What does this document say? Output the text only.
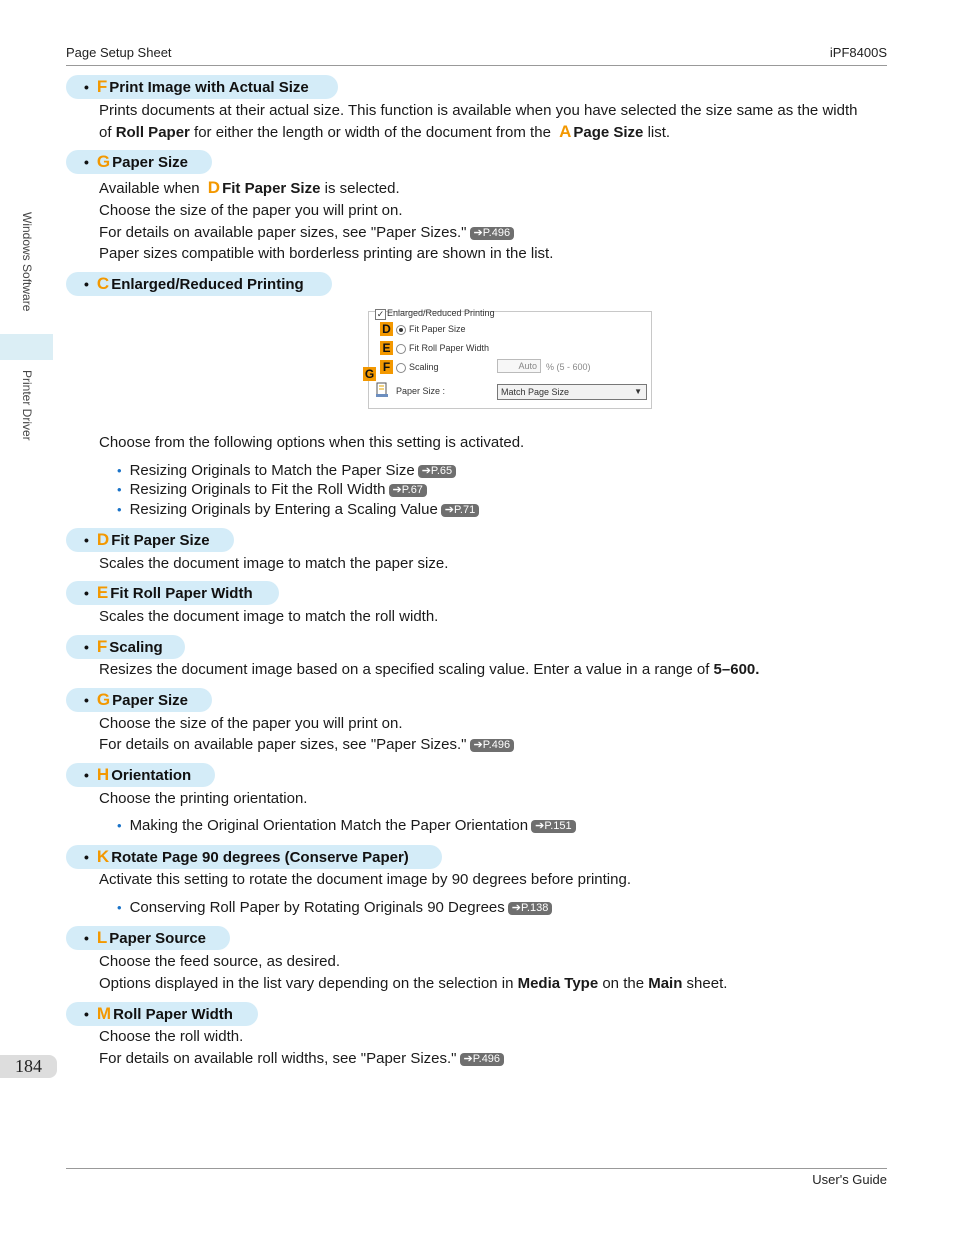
Page Setup Sheet	iPF8400S
Windows Software
Printer Driver
• F Print Image with Actual Size
Prints documents at their actual size. This function is available when you have selected the size same as the width
of Roll Paper for either the length or width of the document from the A Page Size list.
• G Paper Size
Available when D Fit Paper Size is selected.
Choose the size of the paper you will print on.
For details on available paper sizes, see "Paper Sizes." ➔P.496
Paper sizes compatible with borderless printing are shown in the list.
• C Enlarged/Reduced Printing
✓ Enlarged/Reduced Printing
D Fit Paper Size
E Fit Roll Paper Width
F	Scaling	Auto	% (5 - 600)
G
Paper Size :	Match Page Size	▼
Choose from the following options when this setting is activated.
• Resizing Originals to Match the Paper Size ➔P.65
• Resizing Originals to Fit the Roll Width ➔P.67
• Resizing Originals by Entering a Scaling Value ➔P.71
• D Fit Paper Size
Scales the document image to match the paper size.
• E Fit Roll Paper Width
Scales the document image to match the roll width.
• F Scaling
Resizes the document image based on a specified scaling value. Enter a value in a range of 5–600.
• G Paper Size
Choose the size of the paper you will print on.
For details on available paper sizes, see "Paper Sizes." ➔P.496
• H Orientation
Choose the printing orientation.
• Making the Original Orientation Match the Paper Orientation ➔P.151
• K Rotate Page 90 degrees (Conserve Paper)
Activate this setting to rotate the document image by 90 degrees before printing.
• Conserving Roll Paper by Rotating Originals 90 Degrees ➔P.138
• L Paper Source
Choose the feed source, as desired.
Options displayed in the list vary depending on the selection in Media Type on the Main sheet.
• M Roll Paper Width
Choose the roll width.
For details on available roll widths, see "Paper Sizes." ➔P.496
184
User's Guide
